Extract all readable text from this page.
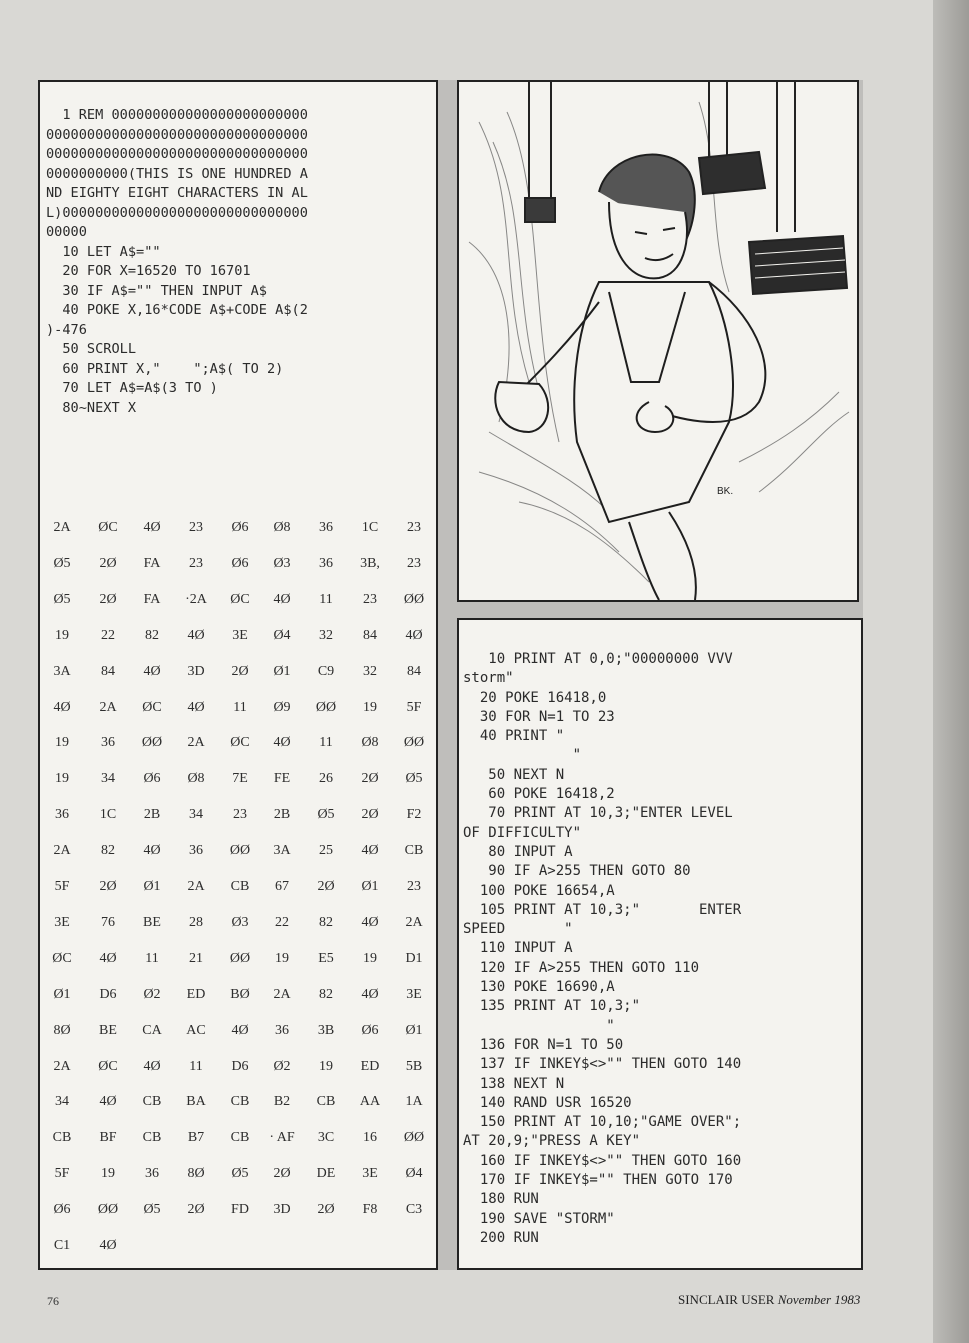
1 REM 000000000000000000000000
00000000000000000000000000000000
00000000000000000000000000000000
0000000000(THIS IS ONE HUNDRED A
ND EIGHTY EIGHT CHARACTERS IN AL
L)000000000000000000000000000000
00000
10 LET A$=""
20 FOR X=16520 TO 16701
30 IF A$="" THEN INPUT A$
40 POKE X,16*CODE A$+CODE A$(2
)-476
50 SCROLL
60 PRINT X,"    ";A$( TO 2)
70 LET A$=A$(3 TO )
80~NEXT X
2A	ØC	4Ø	23	Ø6	Ø8	36	1C	23
Ø5	2Ø	FA	23	Ø6	Ø3	36	3B,	23
Ø5	2Ø	FA	·2A	ØC	4Ø	11	23	ØØ
19	22	82	4Ø	3E	Ø4	32	84	4Ø
3A	84	4Ø	3D	2Ø	Ø1	C9	32	84
4Ø	2A	ØC	4Ø	11	Ø9	ØØ	19	5F
19	36	ØØ	2A	ØC	4Ø	11	Ø8	ØØ
19	34	Ø6	Ø8	7E	FE	26	2Ø	Ø5
36	1C	2B	34	23	2B	Ø5	2Ø	F2
2A	82	4Ø	36	ØØ	3A	25	4Ø	CB
5F	2Ø	Ø1	2A	CB	67	2Ø	Ø1	23
3E	76	BE	28	Ø3	22	82	4Ø	2A
ØC	4Ø	11	21	ØØ	19	E5	19	D1
Ø1	D6	Ø2	ED	BØ	2A	82	4Ø	3E
8Ø	BE	CA	AC	4Ø	36	3B	Ø6	Ø1
2A	ØC	4Ø	11	D6	Ø2	19	ED	5B
34	4Ø	CB	BA	CB	B2	CB	AA	1A
CB	BF	CB	B7	CB	· AF	3C	16	ØØ
5F	19	36	8Ø	Ø5	2Ø	DE	3E	Ø4
Ø6	ØØ	Ø5	2Ø	FD	3D	2Ø	F8	C3
C1	4Ø
BK.
10 PRINT AT 0,0;"00000000 VVV
storm"
20 POKE 16418,0
30 FOR N=1 TO 23
40 PRINT "
"
50 NEXT N
60 POKE 16418,2
70 PRINT AT 10,3;"ENTER LEVEL
OF DIFFICULTY"
80 INPUT A
90 IF A>255 THEN GOTO 80
100 POKE 16654,A
105 PRINT AT 10,3;"       ENTER
SPEED       "
110 INPUT A
120 IF A>255 THEN GOTO 110
130 POKE 16690,A
135 PRINT AT 10,3;"
"
136 FOR N=1 TO 50
137 IF INKEY$<>"" THEN GOTO 140
138 NEXT N
140 RAND USR 16520
150 PRINT AT 10,10;"GAME OVER";
AT 20,9;"PRESS A KEY"
160 IF INKEY$<>"" THEN GOTO 160
170 IF INKEY$="" THEN GOTO 170
180 RUN
190 SAVE "STORM"
200 RUN
76	SINCLAIR USER November 1983
